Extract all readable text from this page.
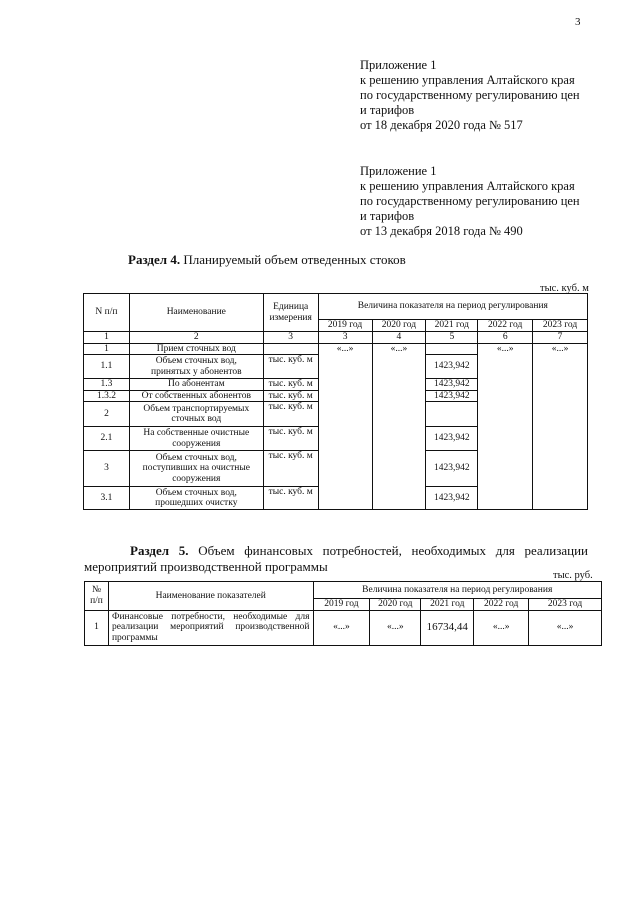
3
Приложение 1
к решению управления Алтайского края
по государственному регулированию цен
и тарифов
от 18 декабря 2020 года № 517
Приложение 1
к решению управления Алтайского края
по государственному регулированию цен
и тарифов
от 13 декабря 2018 года № 490
Раздел 4. Планируемый объем отведенных стоков
тыс. куб. м
N п/п	Наименование	Единица измерения	Величина показателя на период регулирования				
			2019 год	2020 год	2021 год	2022 год	2023 год
1	2	3	3	4	5	6	7
1	Прием сточных вод		«...»	«...»		«...»	«...»
1.1	Объем сточных вод, принятых у абонентов	тыс. куб. м			1423,942		
1.3	По абонентам	тыс. куб. м			1423,942		
1.3.2	От собственных абонентов	тыс. куб. м			1423,942		
2	Объем транспортируемых сточных вод	тыс. куб. м					
2.1	На собственные очистные сооружения	тыс. куб. м			1423,942		
3	Объем сточных вод, поступивших на очистные сооружения	тыс. куб. м			1423,942		
3.1	Объем сточных вод, прошедших очистку	тыс. куб. м			1423,942		
Раздел 5. Объем финансовых потребностей, необходимых для реализации мероприятий производственной программы
тыс. руб.
№ п/п	Наименование показателей	Величина показателя на период регулирования				
		2019 год	2020 год	2021 год	2022 год	2023 год
1	Финансовые потребности, необходимые для реализации мероприятий производственной программы	«...»	«...»	16734,44	«...»	«...»
